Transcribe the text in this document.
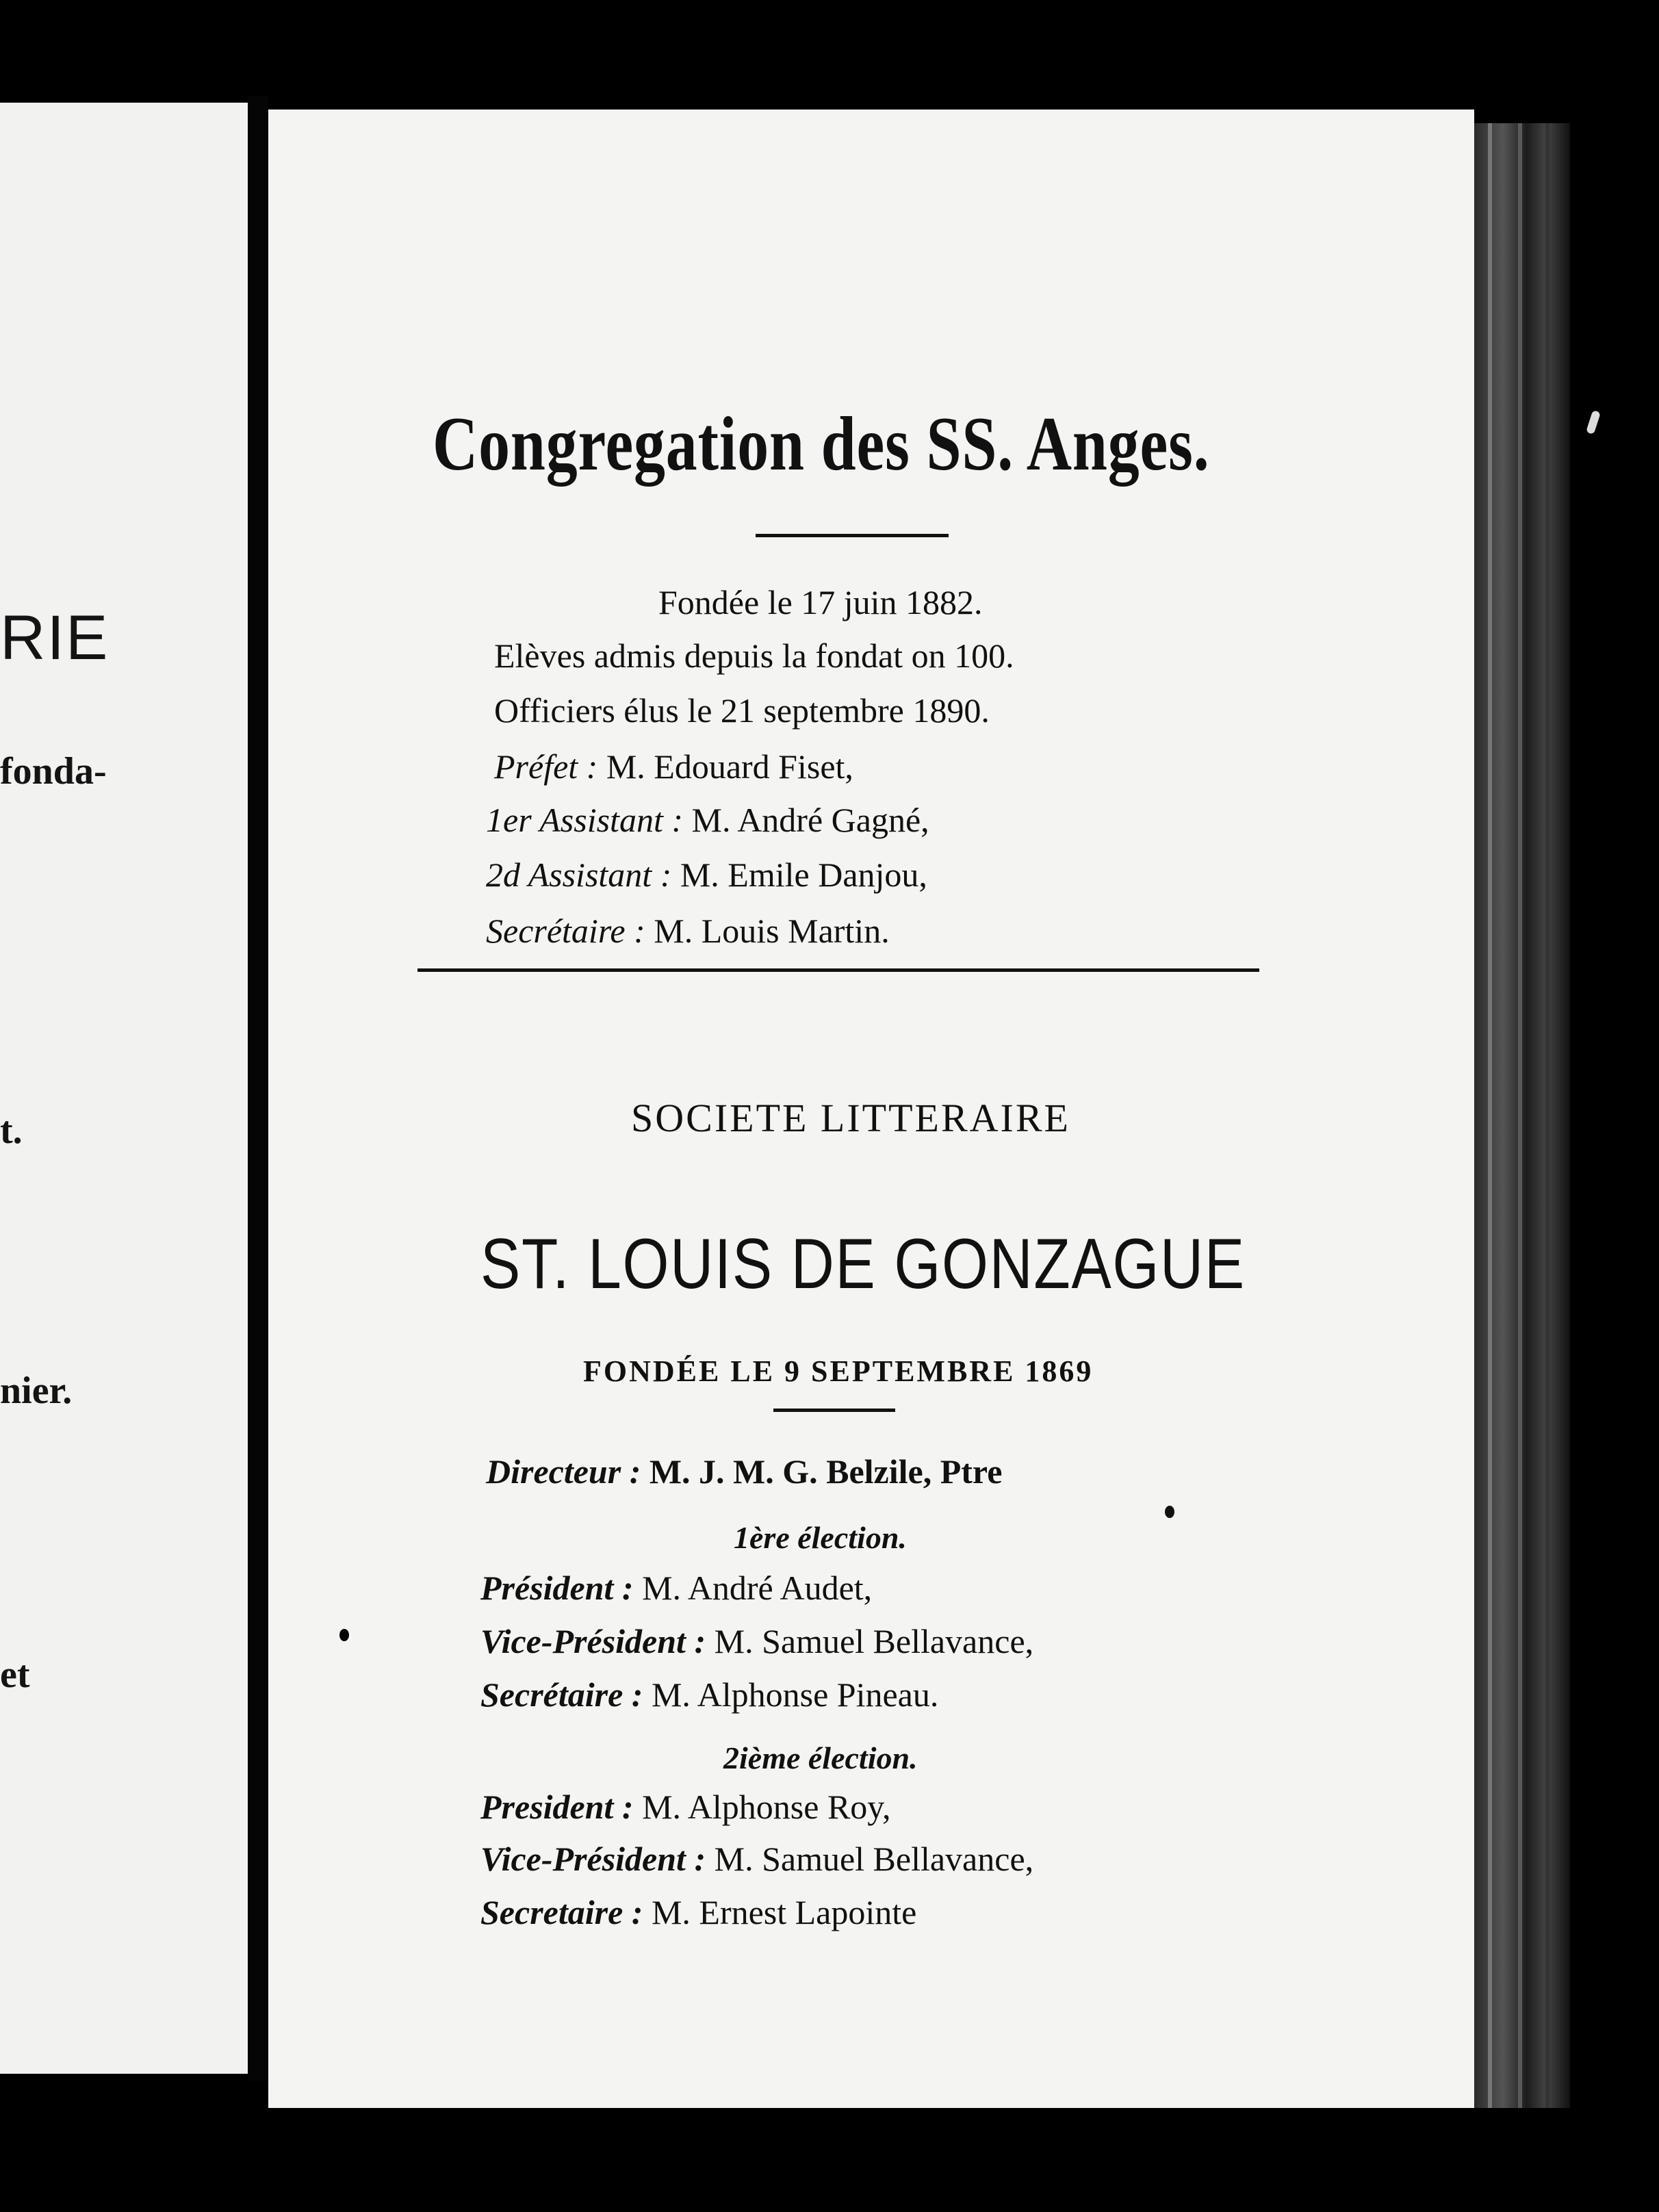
RIE
fonda-
t.
nier.
et
Congregation des SS. Anges.
Fondée le 17 juin 1882.
Elèves admis depuis la fondat on 100.
Officiers élus le 21 septembre 1890.
Préfet : M. Edouard Fiset,
1er Assistant : M. André Gagné,
2d Assistant : M. Emile Danjou,
Secrétaire : M. Louis Martin.
SOCIETE LITTERAIRE
ST. LOUIS DE GONZAGUE
FONDÉE LE 9 SEPTEMBRE 1869
Directeur : M. J. M. G. Belzile, Ptre
1ère élection.
Président : M. André Audet,
Vice-Président : M. Samuel Bellavance,
Secrétaire : M. Alphonse Pineau.
2ième élection.
President : M. Alphonse Roy,
Vice-Président : M. Samuel Bellavance,
Secretaire : M. Ernest Lapointe
